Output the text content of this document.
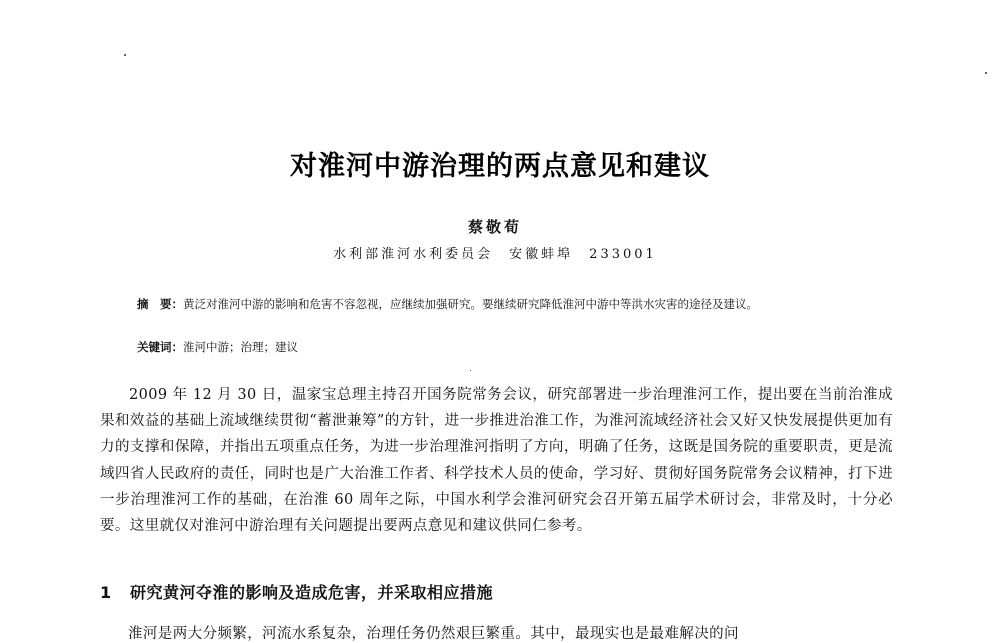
对淮河中游治理的两点意见和建议
蔡敬荀
水利部淮河水利委员会　安徽蚌埠　233001
摘　要：黄泛对淮河中游的影响和危害不容忽视，应继续加强研究。要继续研究降低淮河中游中等洪水灾害的途径及建议。
关键词：淮河中游；治理；建议
2009 年 12 月 30 日，温家宝总理主持召开国务院常务会议，研究部署进一步治理淮河工作，提出要在当前治淮成果和效益的基础上流域继续贯彻“蓄泄兼筹”的方针，进一步推进治淮工作，为淮河流域经济社会又好又快发展提供更加有力的支撑和保障，并指出五项重点任务，为进一步治理淮河指明了方向，明确了任务，这既是国务院的重要职责，更是流域四省人民政府的责任，同时也是广大治淮工作者、科学技术人员的使命，学习好、贯彻好国务院常务会议精神，打下进一步治理淮河工作的基础，在治淮 60 周年之际，中国水利学会淮河研究会召开第五届学术研讨会，非常及时，十分必要。这里就仅对淮河中游治理有关问题提出要两点意见和建议供同仁参考。
1 研究黄河夺淮的影响及造成危害，并采取相应措施
淮河是两大分频繁，河流水系复杂，治理任务仍然艰巨繁重。其中，最现实也是最难解决的问
